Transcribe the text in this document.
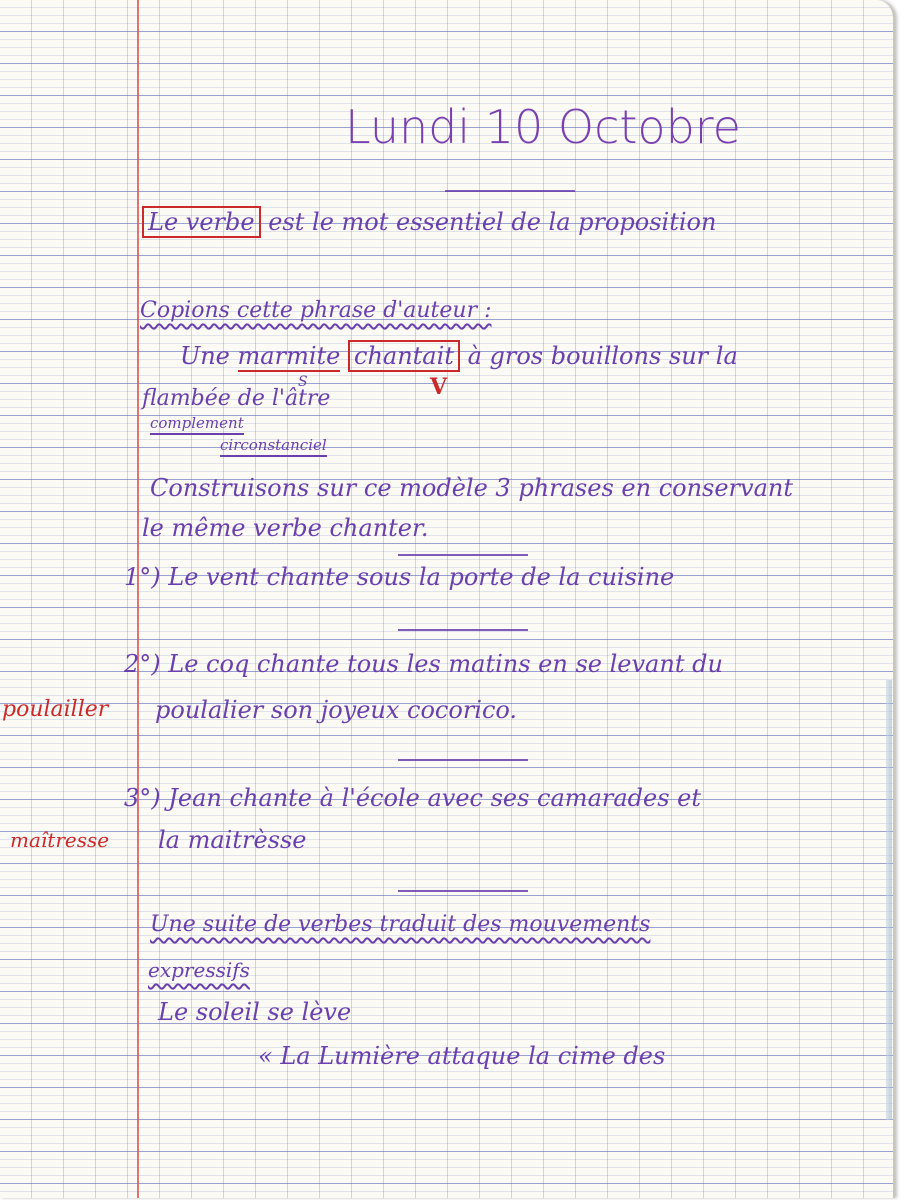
Lundi 10 Octobre
Le verbe est le mot essentiel de la proposition
Copions cette phrase d'auteur :
Une marmite chantait à gros bouillons sur la
S	V
flambée de l'âtre
complement
circonstanciel
Construisons sur ce modèle 3 phrases en conservant
le même verbe chanter.
1°) Le vent chante sous la porte de la cuisine
2°) Le coq chante tous les matins en se levant du
poulailler poulalier son joyeux cocorico.
3°) Jean chante à l'école avec ses camarades et
maîtresse la maitrèsse
Une suite de verbes traduit des mouvements
expressifs
Le soleil se lève
« La Lumière attaque la cime des
